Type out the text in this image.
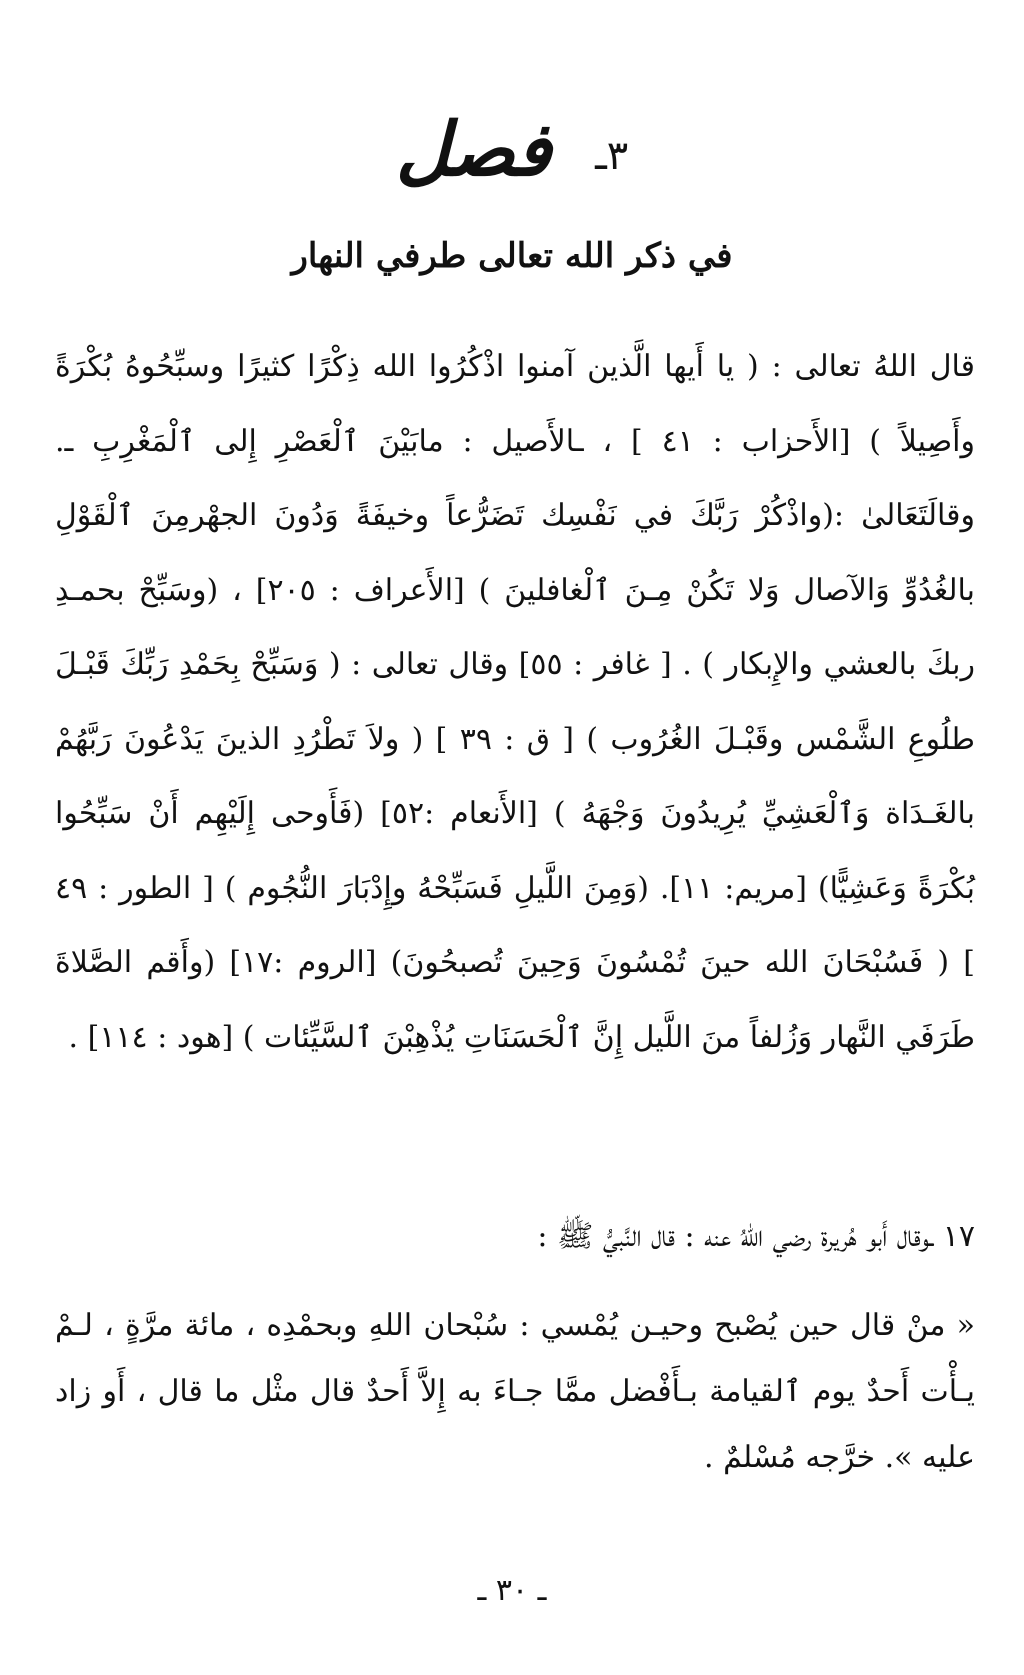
٣ـ فصل
في ذكر الله تعالى طرفي النهار
قال اللهُ تعالى : ( يا أَيها الَّذين آمنوا اذْكُرُوا الله ذِكْرًا كثيرًا وسبِّحُوهُ بُكْرَةً وأَصِيلاً ) [الأَحزاب : ٤١ ] ، ـالأَصيل : مابَيْنَ ٱلْعَصْرِ إِلى ٱلْمَغْرِبِ ـ. وقالَتَعَالىٰ :(واذْكُرْ رَبَّكَ في نَفْسِك تَضَرُّعاً وخيفَةً وَدُونَ الجهْرمِنَ ٱلْقَوْلِ بالغُدُوِّ وَالآصال وَلا تَكُنْ مِـنَ ٱلْغافلينَ ) [الأَعراف : ٢٠٥] ، (وسَبِّحْ بحمـدِ ربكَ بالعشي والإِبكار ) . [ غافر : ٥٥] وقال تعالى : ( وَسَبِّحْ بِحَمْدِ رَبِّكَ قَبْـلَ طلُوعِ الشَّمْس وقَبْـلَ الغُرُوب ) [ ق : ٣٩ ] ( ولاَ تَطْرُدِ الذينَ يَدْعُونَ رَبَّهُمْ بالغَـدَاة وَٱلْعَشِيِّ يُرِيدُونَ وَجْهَهُ ) [الأَنعام :٥٢] (فَأَوحى إِلَيْهِم أَنْ سَبِّحُوا بُكْرَةً وَعَشِيًّا) [مريم: ١١]. (وَمِنَ اللَّيلِ فَسَبِّحْهُ وإِدْبَارَ النُّجُوم ) [ الطور : ٤٩ ] ( فَسُبْحَانَ الله حينَ تُمْسُونَ وَحِينَ تُصبحُونَ) [الروم :١٧] (وأَقم الصَّلاةَ طَرَفَي النَّهار وَزُلفاً منَ اللَّيل إِنَّ ٱلْحَسَنَاتِ يُذْهِبْنَ ٱلسَّيِّئات ) [هود : ١١٤] .
١٧ ـوقال أَبو هُريرة رضي اللهُ عنه : قال النَّبيُّ ﷺ :
« منْ قال حين يُصْبح وحيـن يُمْسي : سُبْحان اللهِ وبحمْدِه ، مائة مرَّةٍ ، لـمْ يـأْت أَحدٌ يوم ٱلقيامة بـأَفْضل ممَّا جـاءَ به إِلاَّ أَحدٌ قال مثْل ما قال ، أَو زاد عليه ». خرَّجه مُسْلمٌ .
ـ ٣٠ ـ
